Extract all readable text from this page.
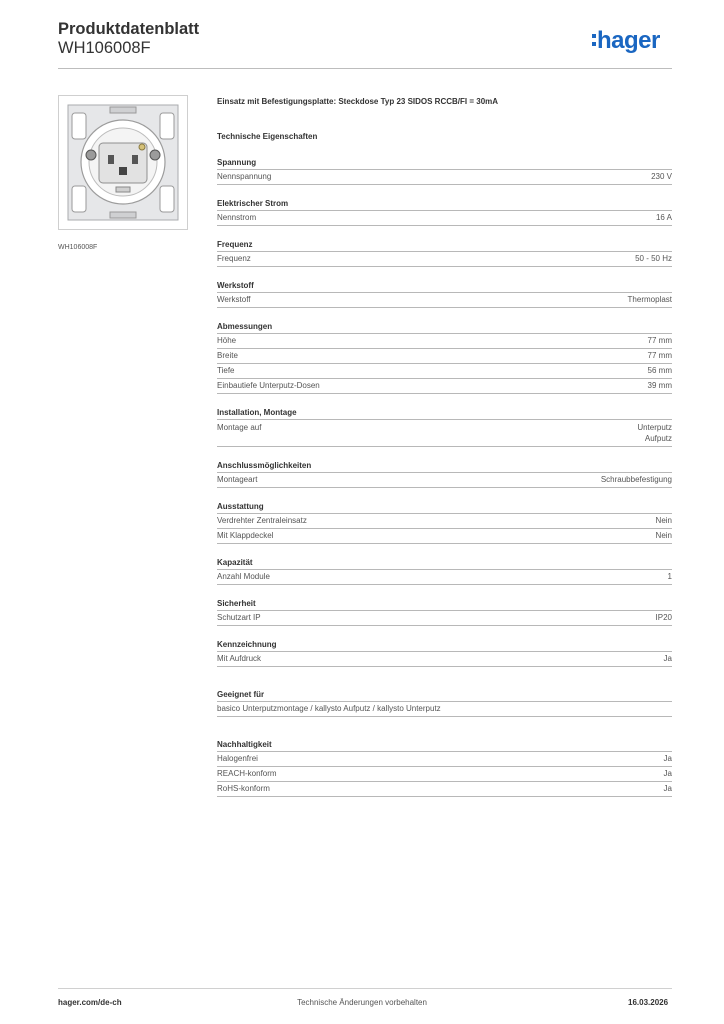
Produktdatenblatt
WH106008F	hager
WH106008F
Einsatz mit Befestigungsplatte: Steckdose Typ 23 SIDOS RCCB/FI = 30mA
Technische Eigenschaften
Spannung
Nennspannung	230 V
Elektrischer Strom
Nennstrom	16 A
Frequenz
Frequenz	50 - 50 Hz
Werkstoff
Werkstoff	Thermoplast
Abmessungen
Höhe	77 mm
Breite	77 mm
Tiefe	56 mm
Einbautiefe Unterputz-Dosen	39 mm
Installation, Montage
Montage auf	Unterputz
Aufputz
Anschlussmöglichkeiten
Montageart	Schraubbefestigung
Ausstattung
Verdrehter Zentraleinsatz	Nein
Mit Klappdeckel	Nein
Kapazität
Anzahl Module	1
Sicherheit
Schutzart IP	IP20
Kennzeichnung
Mit Aufdruck	Ja
Geeignet für
basico Unterputzmontage / kallysto Aufputz / kallysto Unterputz
Nachhaltigkeit
Halogenfrei	Ja
REACH-konform	Ja
RoHS-konform	Ja
hager.com/de-ch	Technische Änderungen vorbehalten	16.03.2026
